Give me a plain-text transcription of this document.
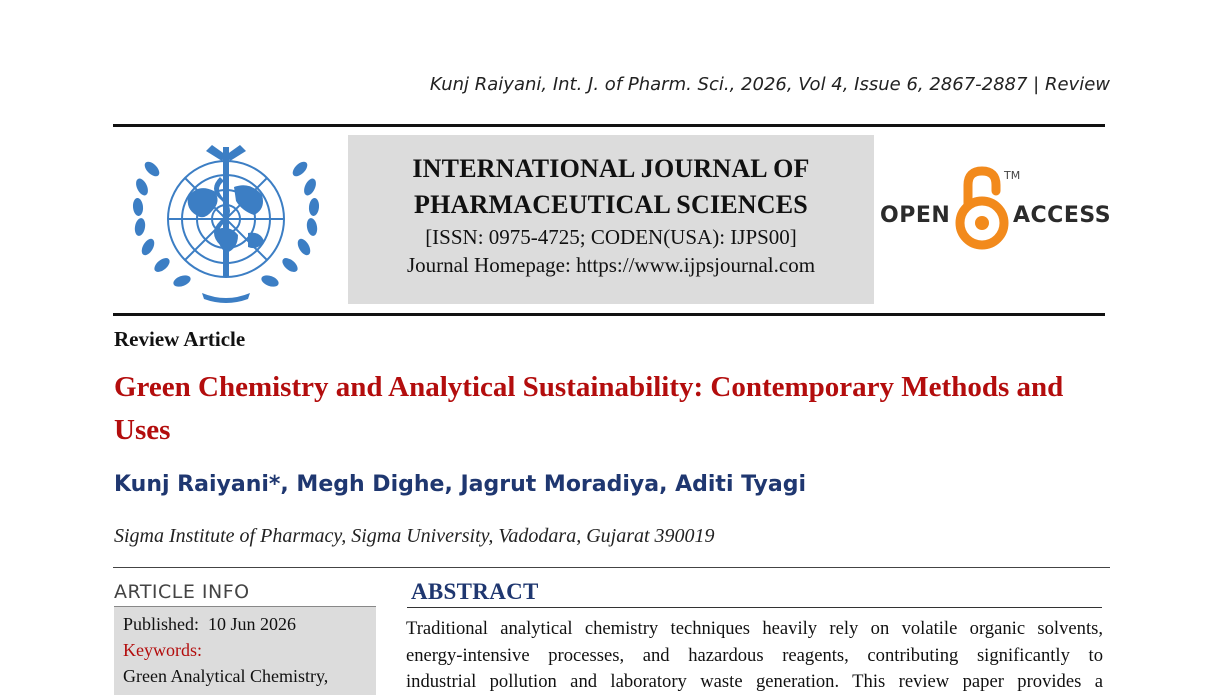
Kunj Raiyani, Int. J. of Pharm. Sci., 2026, Vol 4, Issue 6, 2867-2887 | Review
INTERNATIONAL JOURNAL OF
PHARMACEUTICAL SCIENCES
[ISSN: 0975-4725; CODEN(USA): IJPS00]
Journal Homepage: https://www.ijpsjournal.com
OPEN
TM
ACCESS
Review Article
Green Chemistry and Analytical Sustainability: Contemporary Methods and Uses
Kunj Raiyani*, Megh Dighe, Jagrut Moradiya, Aditi Tyagi
Sigma Institute of Pharmacy, Sigma University, Vadodara, Gujarat 390019
ARTICLE INFO
Published: 10 Jun 2026
Keywords:
Green Analytical Chemistry,
ABSTRACT
Traditional analytical chemistry techniques heavily rely on volatile organic solvents,
energy-intensive processes, and hazardous reagents, contributing significantly to
industrial pollution and laboratory waste generation. This review paper provides a
